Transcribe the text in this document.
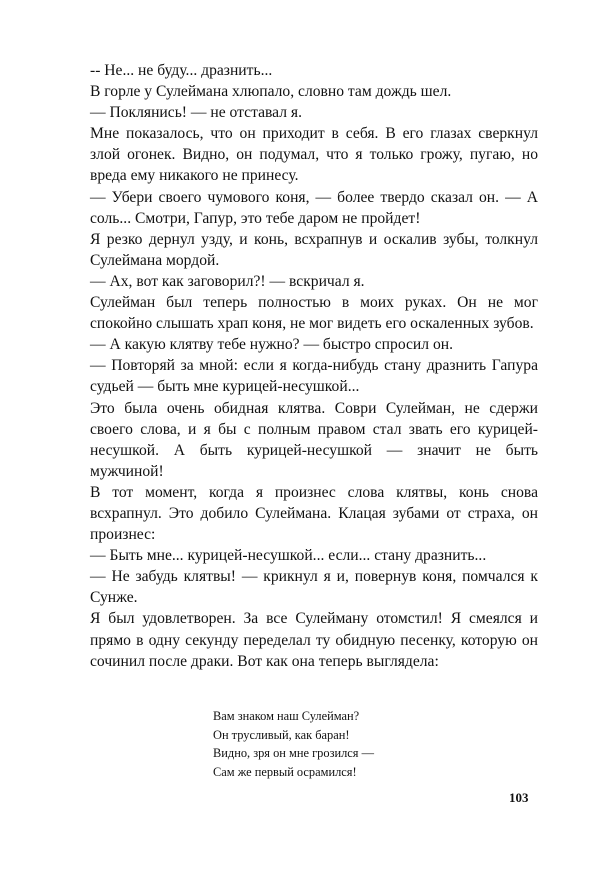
-- Не... не буду... дразнить...

В горле у Сулеймана хлюпало, словно там дождь шел.

— Поклянись! — не отставал я.

Мне показалось, что он приходит в себя. В его глазах сверкнул злой огонек. Видно, он подумал, что я только грожу, пугаю, но вреда ему никакого не принесу.

— Убери своего чумового коня, — более твердо сказал он. — А соль... Смотри, Гапур, это тебе даром не пройдет!

Я резко дернул узду, и конь, всхрапнув и оскалив зубы, толкнул Сулеймана мордой.

— Ах, вот как заговорил?! — вскричал я.

Сулейман был теперь полностью в моих руках. Он не мог спокойно слышать храп коня, не мог видеть его оскаленных зубов.

— А какую клятву тебе нужно? — быстро спросил он.

— Повторяй за мной: если я когда-нибудь стану дразнить Гапура судьей — быть мне курицей-несушкой...

Это была очень обидная клятва. Соври Сулейман, не сдержи своего слова, и я бы с полным правом стал звать его курицей-несушкой. А быть курицей-несушкой — значит не быть мужчиной!

В тот момент, когда я произнес слова клятвы, конь снова всхрапнул. Это добило Сулеймана. Клацая зубами от страха, он произнес:

— Быть мне... курицей-несушкой... если... стану дразнить...

— Не забудь клятвы! — крикнул я и, повернув коня, помчался к Сунже.

Я был удовлетворен. За все Сулейману отомстил! Я смеялся и прямо в одну секунду переделал ту обидную песенку, которую он сочинил после драки. Вот как она теперь выглядела:

Вам знаком наш Сулейман?
Он трусливый, как баран!
Видно, зря он мне грозился —
Сам же первый осрамился!
103
